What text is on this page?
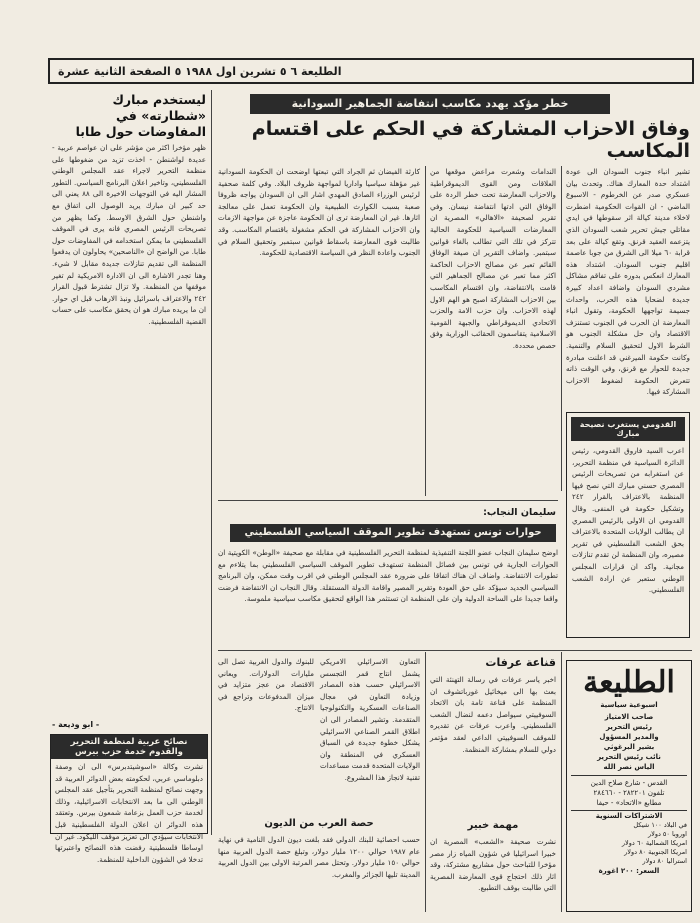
الطليعة ٦ ٥ تشرين اول ١٩٨٨ ٥ الصفحة الثانية عشرة
خطر مؤكد يهدد مكاسب انتفاضة الجماهير السودانية
وفاق الاحزاب المشاركة في الحكم على اقتسام المكاسب
تشير انباء جنوب السودان الى عودة اشتداد حدة المعارك هناك. وتحدث بيان عسكري صدر عن الخرطوم - الاسبوع الماضي - ان القوات الحكومية اضطرت لاخلاء مدينة كيالة اثر سقوطها في ايدي مقاتلي جيش تحرير شعب السودان الذي يتزعمه العقيد قرنق. وتقع كيالة على بعد قرابة ٦٠ ميلا الى الشرق من جوبا عاصمة اقليم جنوب السودان. اشتداد هذه المعارك انعكس بدوره على تفاقم مشاكل مشردي السودان واضافة اعداد كبيرة جديدة لضحايا هذه الحرب، واحداث جسيمة تواجهها الحكومة، وتقول انباء المعارضة ان الحرب في الجنوب تستنزف الاقتصاد وان حل مشكلة الجنوب هو الشرط الاول لتحقيق السلام والتنمية. وكانت حكومة الميرغني قد اعلنت مبادرة جديدة للحوار مع قرنق، وفي الوقت ذاته تتعرض الحكومة لضغوط الاحزاب المشاركة فيها.
الندامات وشعرت مراعض موقعها من العلاقات ومن القوى الديموقراطية والاحزاب المعارضة تحت خطر الردة على الوفاق التي ادتها انتفاضة نيسان. وفي تقرير لصحيفة «الاهالي» المصرية ان المعارضات السياسية للحكومة الحالية تتركز في تلك التي تطالب بالغاء قوانين سبتمبر. واضاف التقرير ان صيغة الوفاق القائم تعبر عن مصالح الاحزاب الحاكمة اكثر مما تعبر عن مصالح الجماهير التي قامت بالانتفاضة، وان اقتسام المكاسب بين الاحزاب المشاركة اصبح هو الهم الاول لهذه الاحزاب. وان حزب الامة والحزب الاتحادي الديموقراطي والجبهة القومية الاسلامية يتقاسمون الحقائب الوزارية وفق حصص محددة.
كارثة الفيضان ثم الجراد التي تبعتها اوضحت ان الحكومة السودانية غير مؤهلة سياسيا واداريا لمواجهة ظروف البلاد. وفي كلمة صحفية لرئيس الوزراء الصادق المهدي اشار الى ان السودان يواجه ظروفا صعبة بسبب الكوارث الطبيعية وان الحكومة تعمل على معالجة اثارها. غير ان المعارضة ترى ان الحكومة عاجزة عن مواجهة الازمات وان الاحزاب المشاركة في الحكم مشغولة باقتسام المكاسب. وقد طالبت قوى المعارضة باسقاط قوانين سبتمبر وتحقيق السلام في الجنوب واعادة النظر في السياسة الاقتصادية للحكومة.
ليستخدم مبارك «شطارته» في المفاوضات حول طابا
ظهر مؤخرا اكثر من مؤشر على ان عواصم عربية - عديدة لواشنطن - اخذت تزيد من ضغوطها على منظمة التحرير لاجراء عقد المجلس الوطني الفلسطيني، وتاخير اعلان البرنامج السياسي. التطور المشار اليه في التوجهات الاخيرة الى ٨٨ يعني الى حد كبير ان مبارك يريد الوصول الى اتفاق مع واشنطن حول الشرق الاوسط. وكما يظهر من تصريحات الرئيس المصري فانه يرى في الموقف الفلسطيني ما يمكن استخدامه في المفاوضات حول طابا. من الواضح ان «الناصحين» يحاولون ان يدفعوا المنظمة الى تقديم تنازلات جديدة مقابل لا شيء. وهنا تجدر الاشارة الى ان الادارة الامريكية لم تغير موقفها من المنظمة. ولا تزال تشترط قبول القرار ٢٤٢ والاعتراف باسرائيل ونبذ الارهاب قبل اي حوار. ان ما يريده مبارك هو ان يحقق مكاسب على حساب القضية الفلسطينية.
- ابو وديعة -
نصائح عربية لمنظمة التحرير والقدوم خدمة حزب بيرس
نشرت وكالة «اسوشيتدبرس» الى ان وصفة دبلوماسي عربي، لحكومته بعض الدوائر العربية قد وجهت نصائح لمنظمة التحرير بتأجيل عقد المجلس الوطني الى ما بعد الانتخابات الاسرائيلية، وذلك لخدمة حزب العمل بزعامة شمعون بيرس. وتعتقد هذه الدوائر ان اعلان الدولة الفلسطينية قبل الانتخابات سيؤدي الى تعزيز موقف الليكود. غير ان اوساطا فلسطينية رفضت هذه النصائح واعتبرتها تدخلا في الشؤون الداخلية للمنظمة.
القدومي يستغرب نصيحة مبارك
اعرب السيد فاروق القدومي، رئيس الدائرة السياسية في منظمة التحرير، عن استغرابه من تصريحات الرئيس المصري حسني مبارك التي نصح فيها المنظمة بالاعتراف بالقرار ٢٤٢ وتشكيل حكومة في المنفى. وقال القدومي ان الاولى بالرئيس المصري ان يطالب الولايات المتحدة بالاعتراف بحق الشعب الفلسطيني في تقرير مصيره، وان المنظمة لن تقدم تنازلات مجانية. واكد ان قرارات المجلس الوطني ستعبر عن ارادة الشعب الفلسطيني.
سليمان النجاب:
حوارات تونس تستهدف تطوير الموقف السياسي الفلسطيني
اوضح سليمان النجاب عضو اللجنة التنفيذية لمنظمة التحرير الفلسطينية في مقابلة مع صحيفة «الوطن» الكويتية ان الحوارات الجارية في تونس بين فصائل المنظمة تستهدف تطوير الموقف السياسي الفلسطيني بما يتلاءم مع تطورات الانتفاضة. واضاف ان هناك اتفاقا على ضرورة عقد المجلس الوطني في اقرب وقت ممكن، وان البرنامج السياسي الجديد سيؤكد على حق العودة وتقرير المصير واقامة الدولة المستقلة. وقال النجاب ان الانتفاضة فرضت واقعا جديدا على الساحة الدولية وان على المنظمة ان تستثمر هذا الواقع لتحقيق مكاسب سياسية ملموسة.
قناعة عرفات
اخبر ياسر عرفات في رسالة التهنئة التي بعث بها الى ميخائيل غورباتشوف ان المنظمة على قناعة تامة بان الاتحاد السوفييتي سيواصل دعمه لنضال الشعب الفلسطيني. واعرب عرفات عن تقديره للموقف السوفييتي الداعي لعقد مؤتمر دولي للسلام بمشاركة المنظمة.
مهمة خبير
نشرت صحيفة «الشعب» المصرية ان خبيرا اسرائيليا في شؤون المياه زار مصر مؤخرا للتباحث حول مشاريع مشتركة، وقد اثار ذلك احتجاج قوى المعارضة المصرية التي طالبت بوقف التطبيع.
التعاون الاسرائيلي الامريكي يشمل انتاج قمر التجسس الاسرائيلي حسب هذه المصادر وزيادة التعاون في مجال الصناعات العسكرية والتكنولوجيا المتقدمة. وتشير المصادر الى ان اطلاق القمر الصناعي الاسرائيلي يشكل خطوة جديدة في السباق العسكري في المنطقة وان الولايات المتحدة قدمت مساعدات تقنية لانجاز هذا المشروع.
للبنوك والدول الغربية تصل الى مليارات الدولارات. ويعاني الاقتصاد من عجز متزايد في ميزان المدفوعات وتراجع في الانتاج.
حصة العرب من الديون
حسب احصائية للبنك الدولي فقد بلغت ديون الدول النامية في نهاية عام ١٩٨٧ حوالي ١٢٠٠ مليار دولار، وتبلغ حصة الدول العربية منها حوالي ١٥٠ مليار دولار. وتحتل مصر المرتبة الاولى بين الدول العربية المدينة تليها الجزائر والمغرب.
الطليعة
اسبوعية سياسية
صاحب الامتياز
رئيس التحرير
والمدير المسؤول
بشير البرغوثي
نائب رئيس التحرير
الياس نصر الله
القدس - شارع صلاح الدين
تلفون ٢٨٢٢٠١ - ٢٨٤٦٦٠
مطابع «الاتحاد» - حيفا
الاشتراكات السنوية
في البلاد ١٠٠ شيكل
اوروبا ٥٠ دولار
امريكا الشمالية ٦٠ دولار
امريكا الجنوبية ٨٠ دولار
استراليا ٨٠ دولار
السعر: ٢٠٠ اغورة
